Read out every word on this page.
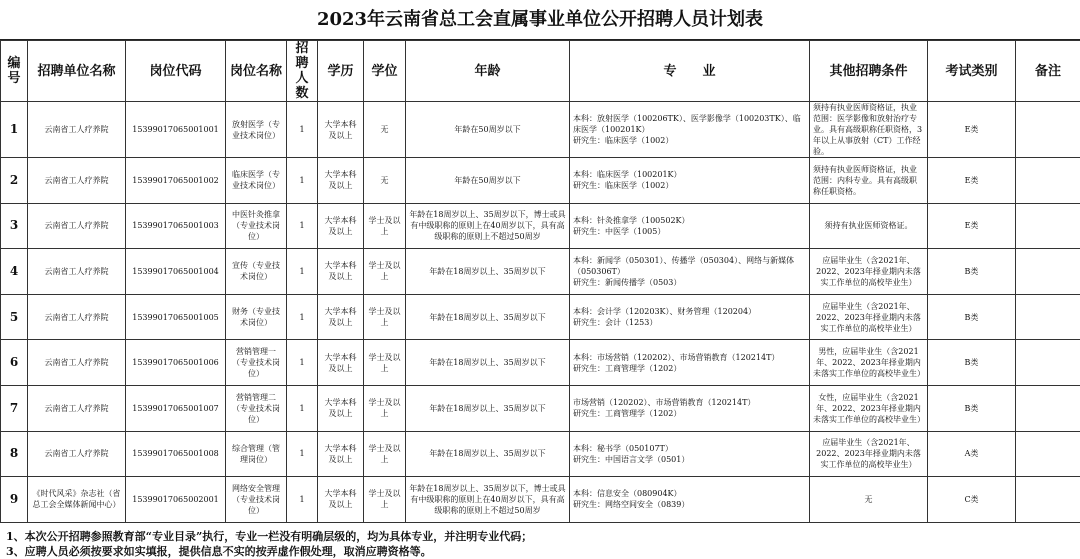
2023年云南省总工会直属事业单位公开招聘人员计划表
编号	招聘单位名称	岗位代码	岗位名称	招聘人数	学历	学位	年龄	专　　业	其他招聘条件	考试类别	备注
1	云南省工人疗养院	15399017065001001	放射医学（专业技术岗位）	1	大学本科及以上	无	年龄在50周岁以下	本科：放射医学（100206TK）、医学影像学（100203TK）、临床医学（100201K）
研究生：临床医学（1002）	须持有执业医师资格证，执业范围：医学影像和放射治疗专业。具有高级职称任职资格，3年以上从事放射（CT）工作经验。	E类	
2	云南省工人疗养院	15399017065001002	临床医学（专业技术岗位）	1	大学本科及以上	无	年龄在50周岁以下	本科：临床医学（100201K）
研究生：临床医学（1002）	须持有执业医师资格证，执业范围：内科专业。具有高级职称任职资格。	E类	
3	云南省工人疗养院	15399017065001003	中医针灸推拿（专业技术岗位）	1	大学本科及以上	学士及以上	年龄在18周岁以上、35周岁以下，博士或具有中级职称的原则上在40周岁以下，具有高级职称的原则上不超过50周岁	本科：针灸推拿学（100502K）
研究生：中医学（1005）	须持有执业医师资格证。	E类	
4	云南省工人疗养院	15399017065001004	宣传（专业技术岗位）	1	大学本科及以上	学士及以上	年龄在18周岁以上、35周岁以下	本科：新闻学（050301）、传播学（050304）、网络与新媒体（050306T）
研究生：新闻传播学（0503）	应届毕业生（含2021年、2022、2023年择业期内未落实工作单位的高校毕业生）	B类	
5	云南省工人疗养院	15399017065001005	财务（专业技术岗位）	1	大学本科及以上	学士及以上	年龄在18周岁以上、35周岁以下	本科：会计学（120203K）、财务管理（120204）
研究生：会计（1253）	应届毕业生（含2021年、2022、2023年择业期内未落实工作单位的高校毕业生）	B类	
6	云南省工人疗养院	15399017065001006	营销管理一（专业技术岗位）	1	大学本科及以上	学士及以上	年龄在18周岁以上、35周岁以下	本科：市场营销（120202）、市场营销教育（120214T）
研究生：工商管理学（1202）	男性，应届毕业生（含2021年、2022、2023年择业期内未落实工作单位的高校毕业生）	B类	
7	云南省工人疗养院	15399017065001007	营销管理二（专业技术岗位）	1	大学本科及以上	学士及以上	年龄在18周岁以上、35周岁以下	市场营销（120202）、市场营销教育（120214T）
研究生：工商管理学（1202）	女性，应届毕业生（含2021年、2022、2023年择业期内未落实工作单位的高校毕业生）	B类	
8	云南省工人疗养院	15399017065001008	综合管理（管理岗位）	1	大学本科及以上	学士及以上	年龄在18周岁以上、35周岁以下	本科：秘书学（050107T）
研究生：中国语言文学（0501）	应届毕业生（含2021年、2022、2023年择业期内未落实工作单位的高校毕业生）	A类	
9	《时代风采》杂志社（省总工会全媒体新闻中心）	15399017065002001	网络安全管理（专业技术岗位）	1	大学本科及以上	学士及以上	年龄在18周岁以上、35周岁以下，博士或具有中级职称的原则上在40周岁以下，具有高级职称的原则上不超过50周岁	本科：信息安全（080904K）
研究生：网络空间安全（0839）	无	C类	
1、本次公开招聘参照教育部“专业目录”执行，专业一栏没有明确层级的，均为具体专业，并注明专业代码；
3、应聘人员必须按要求如实填报，提供信息不实的按弄虚作假处理，取消应聘资格等。
